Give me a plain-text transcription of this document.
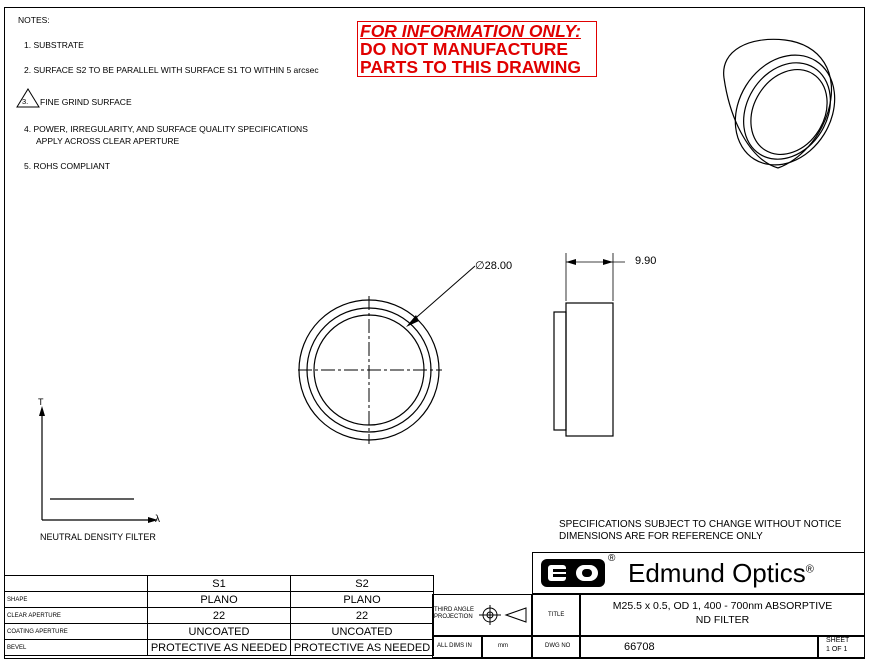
NOTES:
1. SUBSTRATE
2. SURFACE S2 TO BE PARALLEL WITH SURFACE S1 TO WITHIN 5 arcsec
3. FINE GRIND SURFACE
4. POWER, IRREGULARITY, AND SURFACE QUALITY SPECIFICATIONS
APPLY ACROSS CLEAR APERTURE
5. ROHS COMPLIANT
FOR INFORMATION ONLY:
DO NOT MANUFACTURE
PARTS TO THIS DRAWING
∅28.00	9.90
T
λ
NEUTRAL DENSITY FILTER
SPECIFICATIONS SUBJECT TO CHANGE WITHOUT NOTICE
DIMENSIONS ARE FOR REFERENCE ONLY
	S1	S2
SHAPE	PLANO	PLANO
CLEAR APERTURE	22	22
COATING APERTURE	UNCOATED	UNCOATED
BEVEL	PROTECTIVE AS NEEDED	PROTECTIVE AS NEEDED
® Edmund Optics®
THIRD ANGLE
PROJECTION	TITLE
M25.5 x 0.5, OD 1, 400 - 700nm ABSORPTIVE
ND FILTER
ALL DIMS IN	mm	DWG NO	66708
SHEET
1 OF 1
